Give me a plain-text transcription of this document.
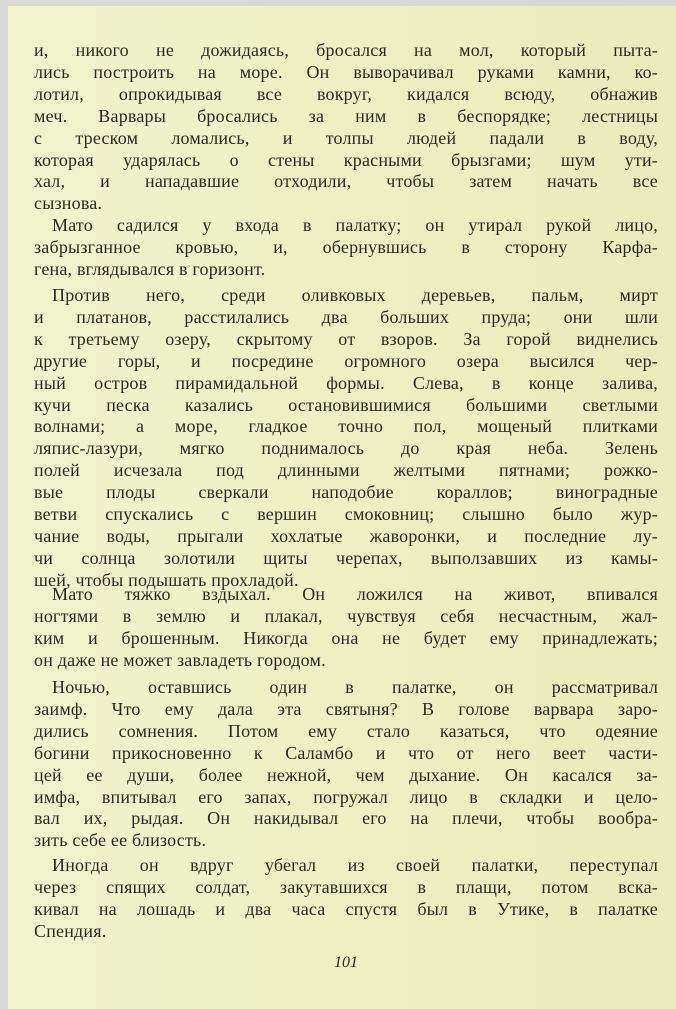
и, никого не дожидаясь, бросался на мол, который пыта-
лись построить на море. Он выворачивал руками камни, ко-
лотил, опрокидывая все вокруг, кидался всюду, обнажив
меч. Варвары бросались за ним в беспорядке; лестницы
с треском ломались, и толпы людей падали в воду,
которая ударялась о стены красными брызгами; шум ути-
хал, и нападавшие отходили, чтобы затем начать все
сызнова.
Мато садился у входа в палатку; он утирал рукой лицо,
забрызганное кровью, и, обернувшись в сторону Карфа-
гена, вглядывался в горизонт.
Против него, среди оливковых деревьев, пальм, мирт
и платанов, расстилались два больших пруда; они шли
к третьему озеру, скрытому от взоров. За горой виднелись
другие горы, и посредине огромного озера высился чер-
ный остров пирамидальной формы. Слева, в конце залива,
кучи песка казались остановившимися большими светлыми
волнами; а море, гладкое точно пол, мощеный плитками
ляпис-лазури, мягко поднималось до края неба. Зелень
полей исчезала под длинными желтыми пятнами; рожко-
вые плоды сверкали наподобие кораллов; виноградные
ветви спускались с вершин смоковниц; слышно было жур-
чание воды, прыгали хохлатые жаворонки, и последние лу-
чи солнца золотили щиты черепах, выползавших из камы-
шей, чтобы подышать прохладой.
Мато тяжко вздыхал. Он ложился на живот, впивался
ногтями в землю и плакал, чувствуя себя несчастным, жал-
ким и брошенным. Никогда она не будет ему принадлежать;
он даже не может завладеть городом.
Ночью, оставшись один в палатке, он рассматривал
заимф. Что ему дала эта святыня? В голове варвара заро-
дились сомнения. Потом ему стало казаться, что одеяние
богини прикосновенно к Саламбо и что от него веет части-
цей ее души, более нежной, чем дыхание. Он касался за-
имфа, впитывал его запах, погружал лицо в складки и цело-
вал их, рыдая. Он накидывал его на плечи, чтобы вообра-
зить себе ее близость.
Иногда он вдруг убегал из своей палатки, переступал
через спящих солдат, закутавшихся в плащи, потом вска-
кивал на лошадь и два часа спустя был в Утике, в палатке
Спендия.
101
